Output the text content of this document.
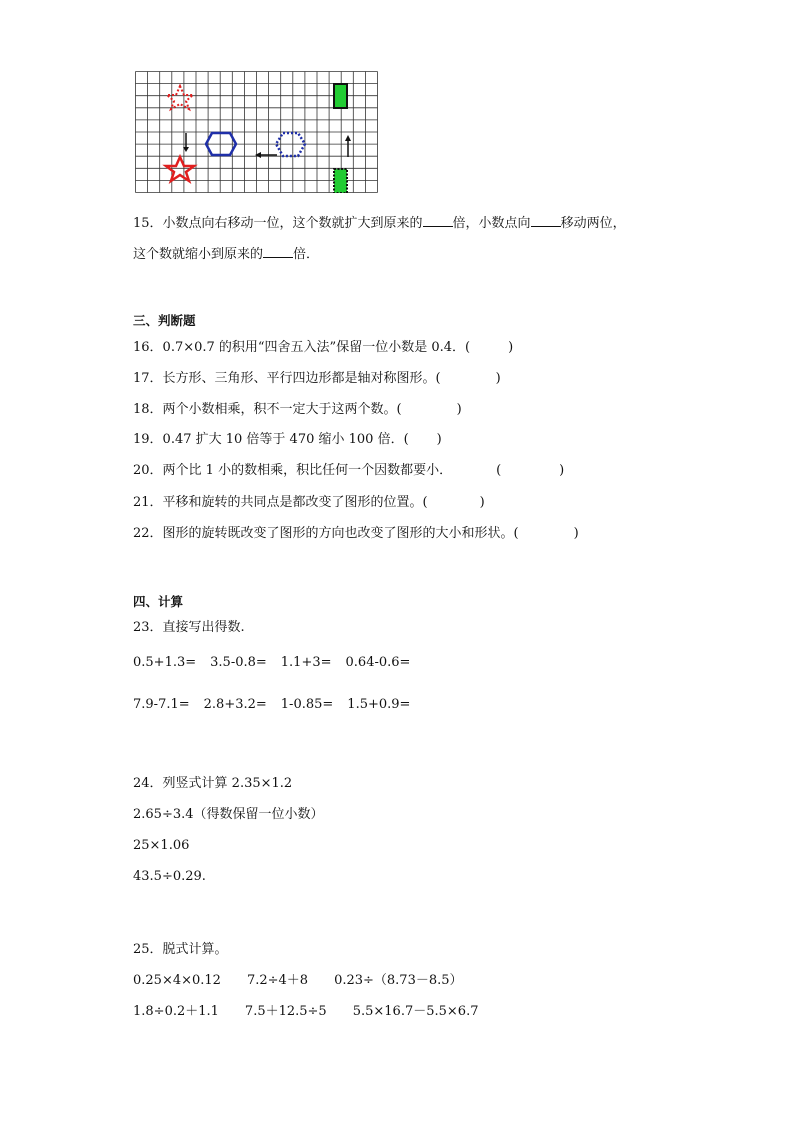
15．小数点向右移动一位，这个数就扩大到原来的 倍，小数点向 移动两位，
这个数就缩小到原来的 倍．
三、判断题
16．0.7×0.7 的积用“四舍五入法”保留一位小数是 0.4．(	)
17．长方形、三角形、平行四边形都是轴对称图形。(	)
18．两个小数相乘，积不一定大于这两个数。(	)
19．0.47 扩大 10 倍等于 470 缩小 100 倍．( )
20．两个比 1 小的数相乘，积比任何一个因数都要小．	(	)
21．平移和旋转的共同点是都改变了图形的位置。(	)
22．图形的旋转既改变了图形的方向也改变了图形的大小和形状。(	)
四、计算
23．直接写出得数.
0.5+1.3= 3.5-0.8= 1.1+3= 0.64-0.6=
7.9-7.1= 2.8+3.2= 1-0.85= 1.5+0.9=
24．列竖式计算 2.35×1.2
2.65÷3.4（得数保留一位小数）
25×1.06
43.5÷0.29.
25．脱式计算。
0.25×4×0.12 7.2÷4＋8 0.23÷（8.73－8.5）
1.8÷0.2＋1.1 7.5＋12.5÷5 5.5×16.7－5.5×6.7
